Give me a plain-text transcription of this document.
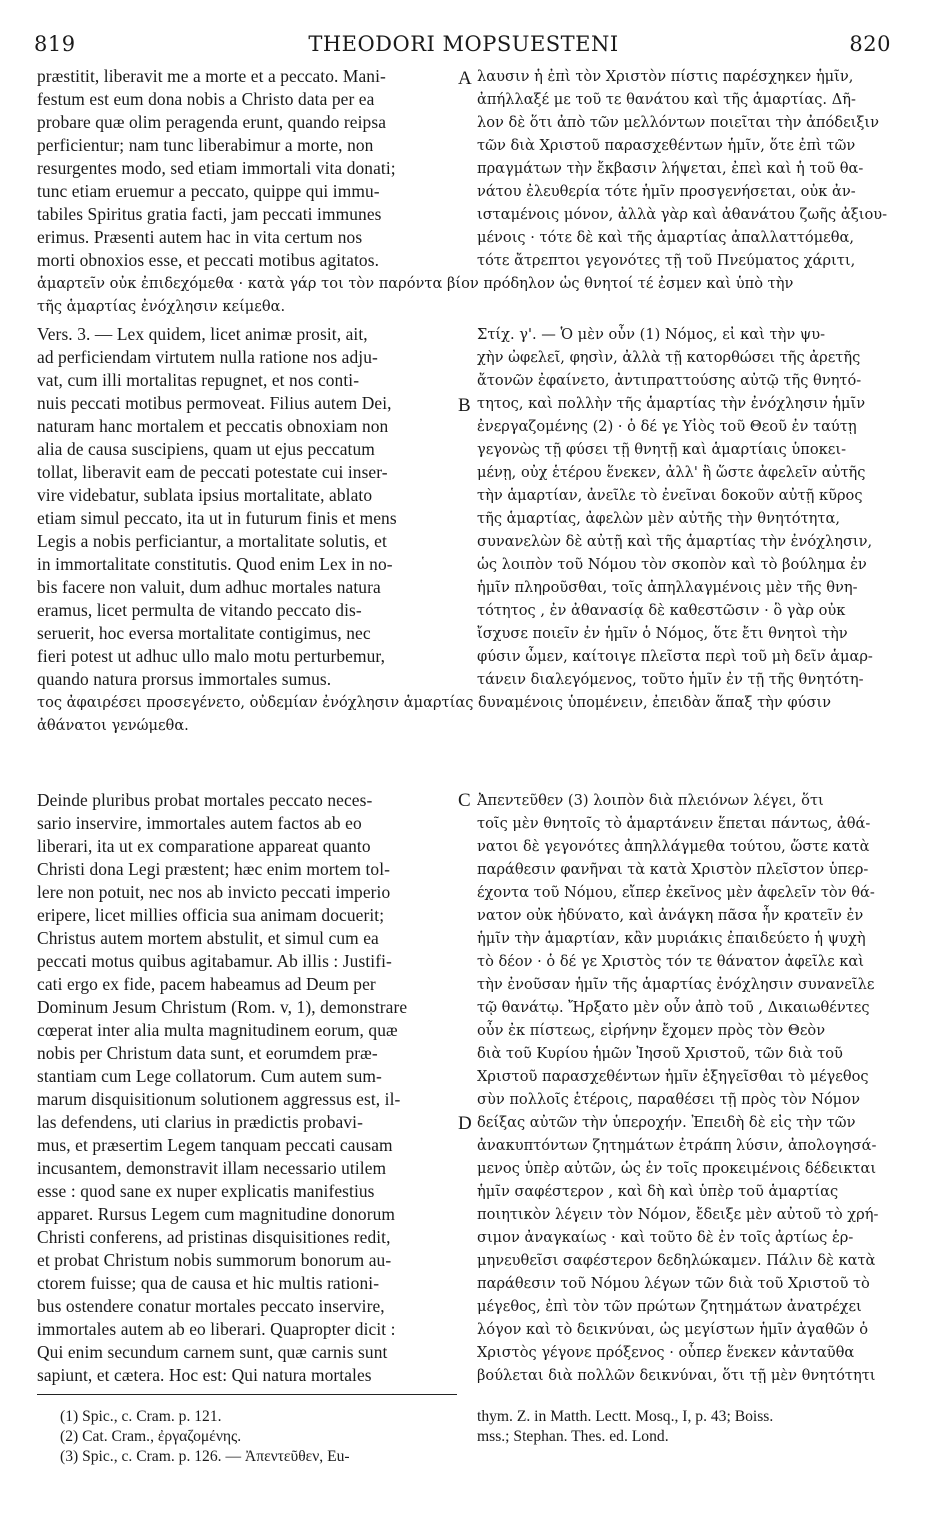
819	THEODORI MOPSUESTENI	820
A
B
C
D
præstitit, liberavit me a morte et a peccato. Mani-
festum est eum dona nobis a Christo data per ea
probare quæ olim peragenda erunt, quando reipsa
perficientur; nam tunc liberabimur a morte, non
resurgentes modo, sed etiam immortali vita donati;
tunc etiam eruemur a peccato, quippe qui immu-
tabiles Spiritus gratia facti, jam peccati immunes
erimus. Præsenti autem hac in vita certum nos
morti obnoxios esse, et peccati motibus agitatos.
λαυσιν ἡ ἐπὶ τὸν Χριστὸν πίστις παρέσχηκεν ἡμῖν,
ἀπήλλαξέ με τοῦ τε θανάτου καὶ τῆς ἁμαρτίας. Δῆ-
λον δὲ ὅτι ἀπὸ τῶν μελλόντων ποιεῖται τὴν ἀπόδειξιν
τῶν διὰ Χριστοῦ παρασχεθέντων ἡμῖν, ὅτε ἐπὶ τῶν
πραγμάτων τὴν ἔκβασιν λήψεται, ἐπεὶ καὶ ἡ τοῦ θα-
νάτου ἐλευθερία τότε ἡμῖν προσγενήσεται, οὐκ ἀν-
ισταμένοις μόνον, ἀλλὰ γὰρ καὶ ἀθανάτου ζωῆς ἀξιου-
μένοις · τότε δὲ καὶ τῆς ἁμαρτίας ἀπαλλαττόμεθα,
τότε ἄτρεπτοι γεγονότες τῇ τοῦ Πνεύματος χάριτι,
ἁμαρτεῖν οὐκ ἐπιδεχόμεθα · κατὰ γάρ τοι τὸν παρόντα βίον πρόδηλον ὡς θνητοί τέ ἐσμεν καὶ ὑπὸ τὴν
τῆς ἁμαρτίας ἐνόχλησιν κείμεθα.
Vers. 3. — Lex quidem, licet animæ prosit, ait,
ad perficiendam virtutem nulla ratione nos adju-
vat, cum illi mortalitas repugnet, et nos conti-
nuis peccati motibus permoveat. Filius autem Dei,
naturam hanc mortalem et peccatis obnoxiam non
alia de causa suscipiens, quam ut ejus peccatum
tollat, liberavit eam de peccati potestate cui inser-
vire videbatur, sublata ipsius mortalitate, ablato
etiam simul peccato, ita ut in futurum finis et mens
Legis a nobis perficiantur, a mortalitate solutis, et
in immortalitate constitutis. Quod enim Lex in no-
bis facere non valuit, dum adhuc mortales natura
eramus, licet permulta de vitando peccato dis-
seruerit, hoc eversa mortalitate contigimus, nec
fieri potest ut adhuc ullo malo motu perturbemur,
quando natura prorsus immortales sumus.
Στίχ. γ'. — Ὁ μὲν οὖν (1) Νόμος, εἰ καὶ τὴν ψυ-
χὴν ὠφελεῖ, φησὶν, ἀλλὰ τῇ κατορθώσει τῆς ἀρετῆς
ἄτονῶν ἐφαίνετο, ἀντιπραττούσης αὐτῷ τῆς θνητό-
τητος, καὶ πολλὴν τῆς ἁμαρτίας τὴν ἐνόχλησιν ἡμῖν
ἐνεργαζομένης (2) · ὁ δέ γε Υἱὸς τοῦ Θεοῦ ἐν ταύτῃ
γεγονὼς τῇ φύσει τῇ θνητῇ καὶ ἁμαρτίαις ὑποκει-
μένῃ, οὐχ ἑτέρου ἕνεκεν, ἀλλ' ἢ ὥστε ἀφελεῖν αὐτῆς
τὴν ἁμαρτίαν, ἀνεῖλε τὸ ἐνεῖναι δοκοῦν αὐτῇ κῦρος
τῆς ἁμαρτίας, ἀφελὼν μὲν αὐτῆς τὴν θνητότητα,
συνανελὼν δὲ αὐτῇ καὶ τῆς ἁμαρτίας τὴν ἐνόχλησιν,
ὡς λοιπὸν τοῦ Νόμου τὸν σκοπὸν καὶ τὸ βούλημα ἐν
ἡμῖν πληροῦσθαι, τοῖς ἀπηλλαγμένοις μὲν τῆς θνη-
τότητος , ἐν ἀθανασίᾳ δὲ καθεστῶσιν · ὃ γὰρ οὐκ
ἴσχυσε ποιεῖν ἐν ἡμῖν ὁ Νόμος, ὅτε ἔτι θνητοὶ τὴν
φύσιν ὦμεν, καίτοιγε πλεῖστα περὶ τοῦ μὴ δεῖν ἁμαρ-
τάνειν διαλεγόμενος, τοῦτο ἡμῖν ἐν τῇ τῆς θνητότη-
τος ἀφαιρέσει προσεγένετο, οὐδεμίαν ἐνόχλησιν ἁμαρτίας δυναμένοις ὑπομένειν, ἐπειδὰν ἅπαξ τὴν φύσιν
ἀθάνατοι γενώμεθα.
Deinde pluribus probat mortales peccato neces-
sario inservire, immortales autem factos ab eo
liberari, ita ut ex comparatione appareat quanto
Christi dona Legi præstent; hæc enim mortem tol-
lere non potuit, nec nos ab invicto peccati imperio
eripere, licet millies officia sua animam docuerit;
Christus autem mortem abstulit, et simul cum ea
peccati motus quibus agitabamur. Ab illis : Justifi-
cati ergo ex fide, pacem habeamus ad Deum per
Dominum Jesum Christum (Rom. v, 1), demonstrare
cœperat inter alia multa magnitudinem eorum, quæ
nobis per Christum data sunt, et eorumdem præ-
stantiam cum Lege collatorum. Cum autem sum-
marum disquisitionum solutionem aggressus est, il-
las defendens, uti clarius in prædictis probavi-
mus, et præsertim Legem tanquam peccati causam
incusantem, demonstravit illam necessario utilem
esse : quod sane ex nuper explicatis manifestius
apparet. Rursus Legem cum magnitudine donorum
Christi conferens, ad pristinas disquisitiones redit,
et probat Christum nobis summorum bonorum au-
ctorem fuisse; qua de causa et hic multis rationi-
bus ostendere conatur mortales peccato inservire,
immortales autem ab eo liberari. Quapropter dicit :
Qui enim secundum carnem sunt, quæ carnis sunt
sapiunt, et cætera. Hoc est: Qui natura mortales
Ἀπεντεῦθεν (3) λοιπὸν διὰ πλειόνων λέγει, ὅτι
τοῖς μὲν θνητοῖς τὸ ἁμαρτάνειν ἕπεται πάντως, ἀθά-
νατοι δὲ γεγονότες ἀπηλλάγμεθα τούτου, ὥστε κατὰ
παράθεσιν φανῆναι τὰ κατὰ Χριστὸν πλεῖστον ὑπερ-
έχοντα τοῦ Νόμου, εἴπερ ἐκεῖνος μὲν ἀφελεῖν τὸν θά-
νατον οὐκ ἠδύνατο, καὶ ἀνάγκη πᾶσα ἦν κρατεῖν ἐν
ἡμῖν τὴν ἁμαρτίαν, κἂν μυριάκις ἐπαιδεύετο ἡ ψυχὴ
τὸ δέον · ὁ δέ γε Χριστὸς τόν τε θάνατον ἀφεῖλε καὶ
τὴν ἐνοῦσαν ἡμῖν τῆς ἁμαρτίας ἐνόχλησιν συνανεῖλε
τῷ θανάτῳ. Ἤρξατο μὲν οὖν ἀπὸ τοῦ , Δικαιωθέντες
οὖν ἐκ πίστεως, εἰρήνην ἔχομεν πρὸς τὸν Θεὸν
διὰ τοῦ Κυρίου ἡμῶν Ἰησοῦ Χριστοῦ, τῶν διὰ τοῦ
Χριστοῦ παρασχεθέντων ἡμῖν ἐξηγεῖσθαι τὸ μέγεθος
σὺν πολλοῖς ἑτέροις, παραθέσει τῇ πρὸς τὸν Νόμον
δείξας αὐτῶν τὴν ὑπεροχήν. Ἐπειδὴ δὲ εἰς τὴν τῶν
ἀνακυπτόντων ζητημάτων ἐτράπη λύσιν, ἀπολογησά-
μενος ὑπὲρ αὐτῶν, ὡς ἐν τοῖς προκειμένοις δέδεικται
ἡμῖν σαφέστερον , καὶ δὴ καὶ ὑπὲρ τοῦ ἁμαρτίας
ποιητικὸν λέγειν τὸν Νόμον, ἔδειξε μὲν αὐτοῦ τὸ χρή-
σιμον ἀναγκαίως · καὶ τοῦτο δὲ ἐν τοῖς ἀρτίως ἑρ-
μηνευθεῖσι σαφέστερον δεδηλώκαμεν. Πάλιν δὲ κατὰ
παράθεσιν τοῦ Νόμου λέγων τῶν διὰ τοῦ Χριστοῦ τὸ
μέγεθος, ἐπὶ τὸν τῶν πρώτων ζητημάτων ἀνατρέχει
λόγον καὶ τὸ δεικνύναι, ὡς μεγίστων ἡμῖν ἀγαθῶν ὁ
Χριστὸς γέγονε πρόξενος · οὗπερ ἕνεκεν κἀνταῦθα
βούλεται διὰ πολλῶν δεικνύναι, ὅτι τῇ μὲν θνητότητι
(1) Spic., c. Cram. p. 121.
(2) Cat. Cram., ἐργαζομένης.
(3) Spic., c. Cram. p. 126. — Ἀπεντεῦθεν, Eu-
thym. Z. in Matth. Lectt. Mosq., I, p. 43; Boiss.
mss.; Stephan. Thes. ed. Lond.
